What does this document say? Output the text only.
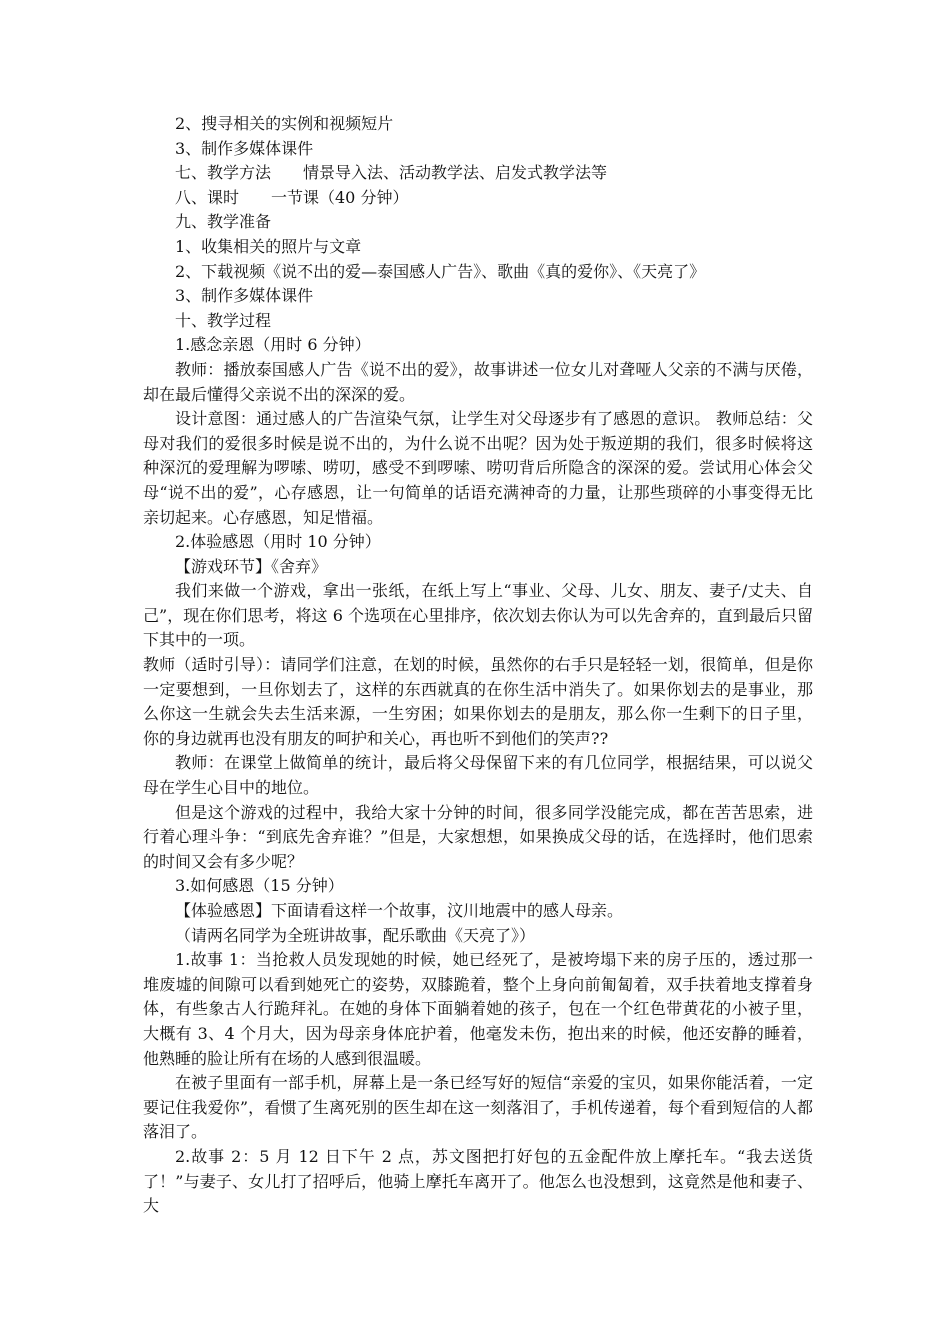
2、搜寻相关的实例和视频短片

3、制作多媒体课件

七、教学方法　　情景导入法、活动教学法、启发式教学法等

八、课时　　一节课（40 分钟）

九、教学准备

1、收集相关的照片与文章

2、下载视频《说不出的爱—泰国感人广告》、歌曲《真的爱你》、《天亮了》

3、制作多媒体课件

十、教学过程

1.感念亲恩（用时 6 分钟）

教师：播放泰国感人广告《说不出的爱》，故事讲述一位女儿对聋哑人父亲的不满与厌倦，却在最后懂得父亲说不出的深深的爱。

设计意图：通过感人的广告渲染气氛，让学生对父母逐步有了感恩的意识。 教师总结：父母对我们的爱很多时候是说不出的，为什么说不出呢？因为处于叛逆期的我们，很多时候将这种深沉的爱理解为啰嗦、唠叨，感受不到啰嗦、唠叨背后所隐含的深深的爱。尝试用心体会父母“说不出的爱”，心存感恩，让一句简单的话语充满神奇的力量，让那些琐碎的小事变得无比亲切起来。心存感恩，知足惜福。

2.体验感恩（用时 10 分钟）

【游戏环节】《舍弃》

我们来做一个游戏，拿出一张纸，在纸上写上“事业、父母、儿女、朋友、妻子/丈夫、自己”，现在你们思考，将这 6 个选项在心里排序，依次划去你认为可以先舍弃的，直到最后只留下其中的一项。

教师（适时引导）：请同学们注意，在划的时候，虽然你的右手只是轻轻一划，很简单，但是你一定要想到，一旦你划去了，这样的东西就真的在你生活中消失了。如果你划去的是事业，那么你这一生就会失去生活来源，一生穷困；如果你划去的是朋友，那么你一生剩下的日子里，你的身边就再也没有朋友的呵护和关心，再也听不到他们的笑声??

教师：在课堂上做简单的统计，最后将父母保留下来的有几位同学，根据结果，可以说父母在学生心目中的地位。

但是这个游戏的过程中，我给大家十分钟的时间，很多同学没能完成，都在苦苦思索，进行着心理斗争：“到底先舍弃谁？”但是，大家想想，如果换成父母的话，在选择时，他们思索的时间又会有多少呢？

3.如何感恩（15 分钟）

【体验感恩】下面请看这样一个故事，汶川地震中的感人母亲。

（请两名同学为全班讲故事，配乐歌曲《天亮了》）

1.故事 1：当抢救人员发现她的时候，她已经死了，是被垮塌下来的房子压的，透过那一堆废墟的间隙可以看到她死亡的姿势，双膝跪着，整个上身向前匍匐着，双手扶着地支撑着身体，有些象古人行跪拜礼。在她的身体下面躺着她的孩子，包在一个红色带黄花的小被子里，大概有 3、4 个月大，因为母亲身体庇护着，他毫发未伤，抱出来的时候，他还安静的睡着，他熟睡的脸让所有在场的人感到很温暖。

在被子里面有一部手机，屏幕上是一条已经写好的短信“亲爱的宝贝，如果你能活着，一定要记住我爱你”，看惯了生离死别的医生却在这一刻落泪了，手机传递着，每个看到短信的人都落泪了。

2.故事 2：5 月 12 日下午 2 点，苏文图把打好包的五金配件放上摩托车。“我去送货了！”与妻子、女儿打了招呼后，他骑上摩托车离开了。他怎么也没想到，这竟然是他和妻子、大
